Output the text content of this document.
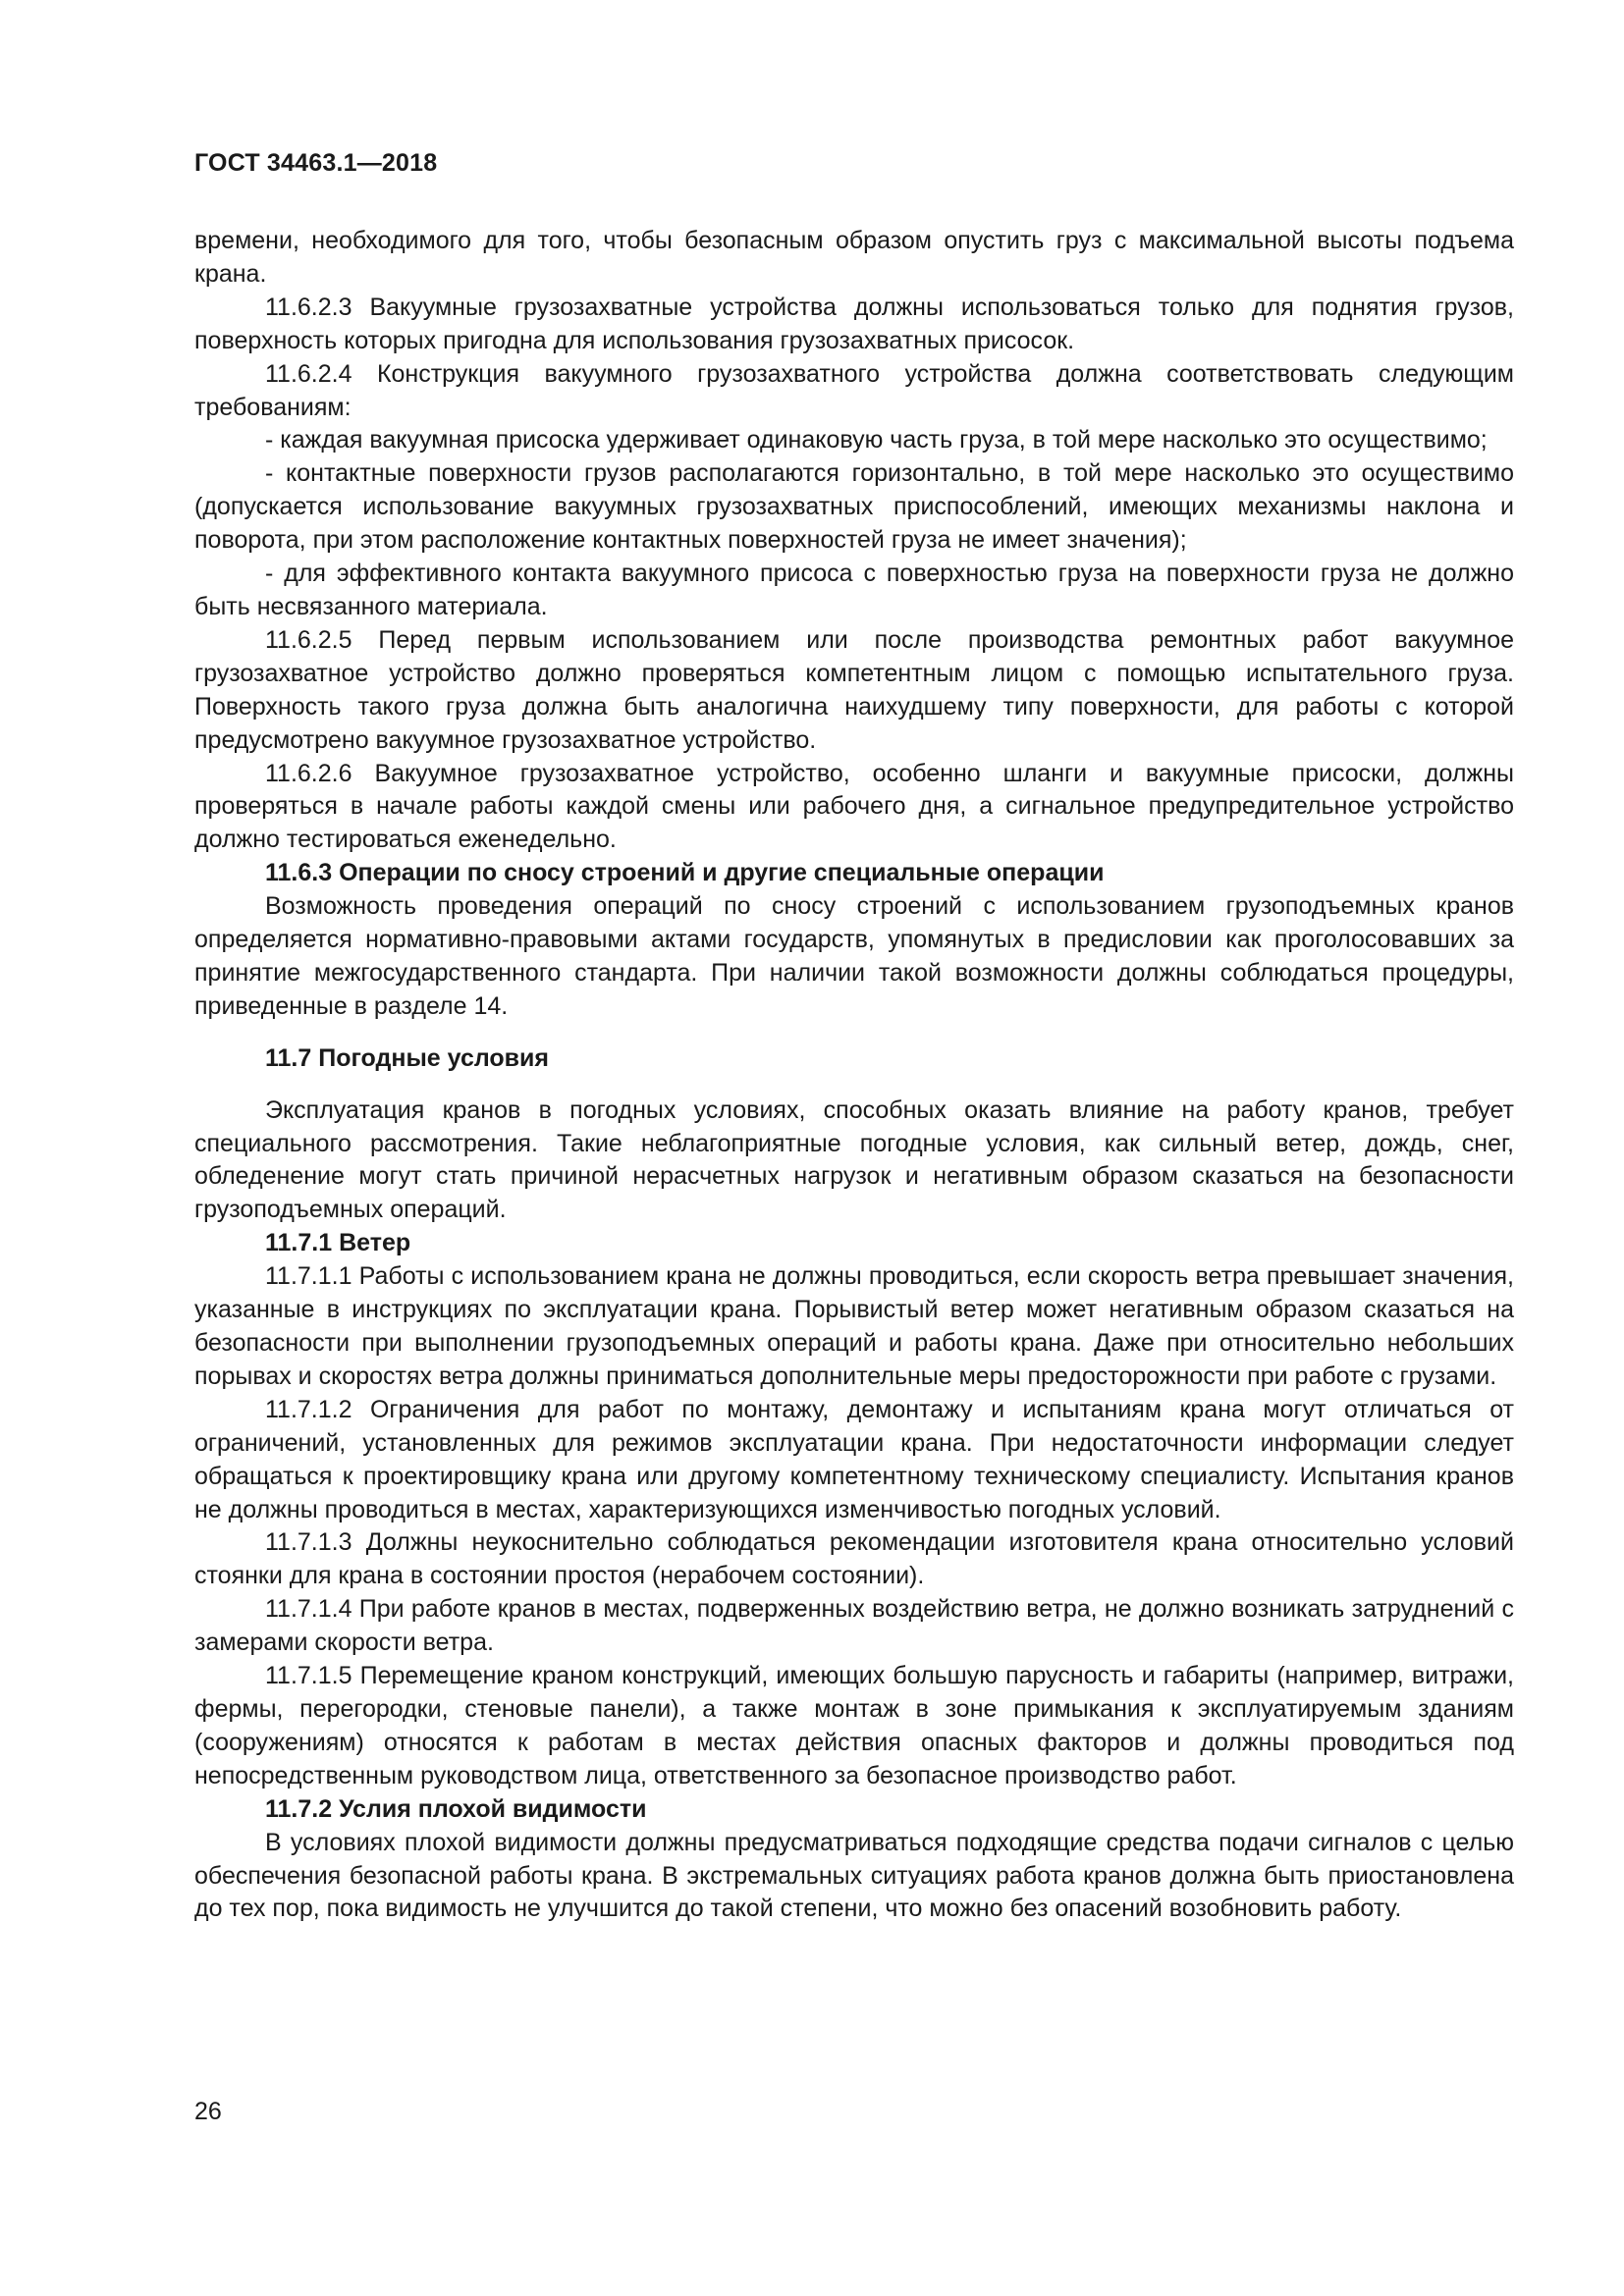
ГОСТ 34463.1—2018

времени, необходимого для того, чтобы безопасным образом опустить груз с максимальной высоты подъема крана.

11.6.2.3 Вакуумные грузозахватные устройства должны использоваться только для поднятия грузов, поверхность которых пригодна для использования грузозахватных присосок.

11.6.2.4 Конструкция вакуумного грузозахватного устройства должна соответствовать следующим требованиям:

- каждая вакуумная присоска удерживает одинаковую часть груза, в той мере насколько это осуществимо;

- контактные поверхности грузов располагаются горизонтально, в той мере насколько это осуществимо (допускается использование вакуумных грузозахватных приспособлений, имеющих механизмы наклона и поворота, при этом расположение контактных поверхностей груза не имеет значения);

- для эффективного контакта вакуумного присоса с поверхностью груза на поверхности груза не должно быть несвязанного материала.

11.6.2.5 Перед первым использованием или после производства ремонтных работ вакуумное грузозахватное устройство должно проверяться компетентным лицом с помощью испытательного груза. Поверхность такого груза должна быть аналогична наихудшему типу поверхности, для работы с которой предусмотрено вакуумное грузозахватное устройство.

11.6.2.6 Вакуумное грузозахватное устройство, особенно шланги и вакуумные присоски, должны проверяться в начале работы каждой смены или рабочего дня, а сигнальное предупредительное устройство должно тестироваться еженедельно.

11.6.3 Операции по сносу строений и другие специальные операции

Возможность проведения операций по сносу строений с использованием грузоподъемных кранов определяется нормативно-правовыми актами государств, упомянутых в предисловии как проголосовавших за принятие межгосударственного стандарта. При наличии такой возможности должны соблюдаться процедуры, приведенные в разделе 14.

11.7 Погодные условия

Эксплуатация кранов в погодных условиях, способных оказать влияние на работу кранов, требует специального рассмотрения. Такие неблагоприятные погодные условия, как сильный ветер, дождь, снег, обледенение могут стать причиной нерасчетных нагрузок и негативным образом сказаться на безопасности грузоподъемных операций.

11.7.1 Ветер

11.7.1.1 Работы с использованием крана не должны проводиться, если скорость ветра превышает значения, указанные в инструкциях по эксплуатации крана. Порывистый ветер может негативным образом сказаться на безопасности при выполнении грузоподъемных операций и работы крана. Даже при относительно небольших порывах и скоростях ветра должны приниматься дополнительные меры предосторожности при работе с грузами.

11.7.1.2 Ограничения для работ по монтажу, демонтажу и испытаниям крана могут отличаться от ограничений, установленных для режимов эксплуатации крана. При недостаточности информации следует обращаться к проектировщику крана или другому компетентному техническому специалисту. Испытания кранов не должны проводиться в местах, характеризующихся изменчивостью погодных условий.

11.7.1.3 Должны неукоснительно соблюдаться рекомендации изготовителя крана относительно условий стоянки для крана в состоянии простоя (нерабочем состоянии).

11.7.1.4 При работе кранов в местах, подверженных воздействию ветра, не должно возникать затруднений с замерами скорости ветра.

11.7.1.5 Перемещение краном конструкций, имеющих большую парусность и габариты (например, витражи, фермы, перегородки, стеновые панели), а также монтаж в зоне примыкания к эксплуатируемым зданиям (сооружениям) относятся к работам в местах действия опасных факторов и должны проводиться под непосредственным руководством лица, ответственного за безопасное производство работ.

11.7.2 Услия плохой видимости

В условиях плохой видимости должны предусматриваться подходящие средства подачи сигналов с целью обеспечения безопасной работы крана. В экстремальных ситуациях работа кранов должна быть приостановлена до тех пор, пока видимость не улучшится до такой степени, что можно без опасений возобновить работу.

26
